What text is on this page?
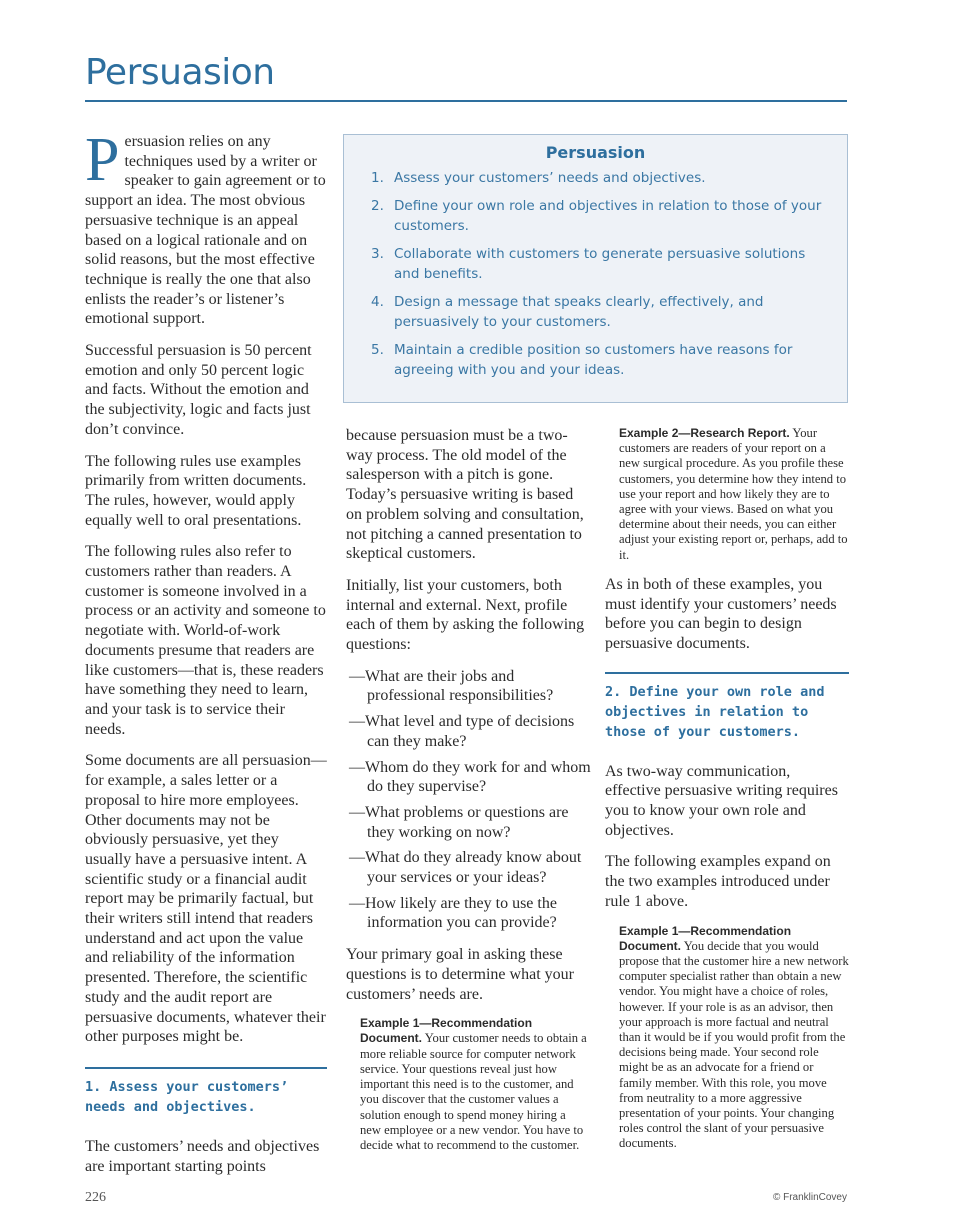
Persuasion

Persuasion relies on any techniques used by a writer or speaker to gain agreement or to support an idea. The most obvious persuasive technique is an appeal based on a logical rationale and on solid reasons, but the most effective technique is really the one that also enlists the reader’s or listener’s emotional support.

Successful persuasion is 50 percent emotion and only 50 percent logic and facts. Without the emotion and the subjectivity, logic and facts just don’t convince.

The following rules use examples primarily from written documents. The rules, however, would apply equally well to oral presentations.

The following rules also refer to customers rather than readers. A customer is someone involved in a process or an activity and someone to negotiate with. World-of-work documents presume that readers are like customers—that is, these readers have something they need to learn, and your task is to service their needs.

Some documents are all persuasion—for example, a sales letter or a proposal to hire more employees. Other documents may not be obviously persuasive, yet they usually have a persuasive intent. A scientific study or a financial audit report may be primarily factual, but their writers still intend that readers understand and act upon the value and reliability of the information presented. Therefore, the scientific study and the audit report are persuasive documents, whatever their other purposes might be.

1. Assess your customers’ needs and objectives.

The customers’ needs and objectives are important starting points

Persuasion
1. Assess your customers’ needs and objectives.
2. Define your own role and objectives in relation to those of your customers.
3. Collaborate with customers to generate persuasive solutions and benefits.
4. Design a message that speaks clearly, effectively, and persuasively to your customers.
5. Maintain a credible position so customers have reasons for agreeing with you and your ideas.

because persuasion must be a two-way process. The old model of the salesperson with a pitch is gone. Today’s persuasive writing is based on problem solving and consultation, not pitching a canned presentation to skeptical customers.

Initially, list your customers, both internal and external. Next, profile each of them by asking the following questions:

—What are their jobs and professional responsibilities?
—What level and type of decisions can they make?
—Whom do they work for and whom do they supervise?
—What problems or questions are they working on now?
—What do they already know about your services or your ideas?
—How likely are they to use the information you can provide?

Your primary goal in asking these questions is to determine what your customers’ needs are.

Example 1—Recommendation Document. Your customer needs to obtain a more reliable source for computer network service. Your questions reveal just how important this need is to the customer, and you discover that the customer values a solution enough to spend money hiring a new employee or a new vendor. You have to decide what to recommend to the customer.

Example 2—Research Report. Your customers are readers of your report on a new surgical procedure. As you profile these customers, you determine how they intend to use your report and how likely they are to agree with your views. Based on what you determine about their needs, you can either adjust your existing report or, perhaps, add to it.

As in both of these examples, you must identify your customers’ needs before you can begin to design persuasive documents.

2. Define your own role and objectives in relation to those of your customers.

As two-way communication, effective persuasive writing requires you to know your own role and objectives.

The following examples expand on the two examples introduced under rule 1 above.

Example 1—Recommendation Document. You decide that you would propose that the customer hire a new network computer specialist rather than obtain a new vendor. You might have a choice of roles, however. If your role is as an advisor, then your approach is more factual and neutral than it would be if you would profit from the decisions being made. Your second role might be as an advocate for a friend or family member. With this role, you move from neutrality to a more aggressive presentation of your points. Your changing roles control the slant of your persuasive documents.

226	© FranklinCovey
